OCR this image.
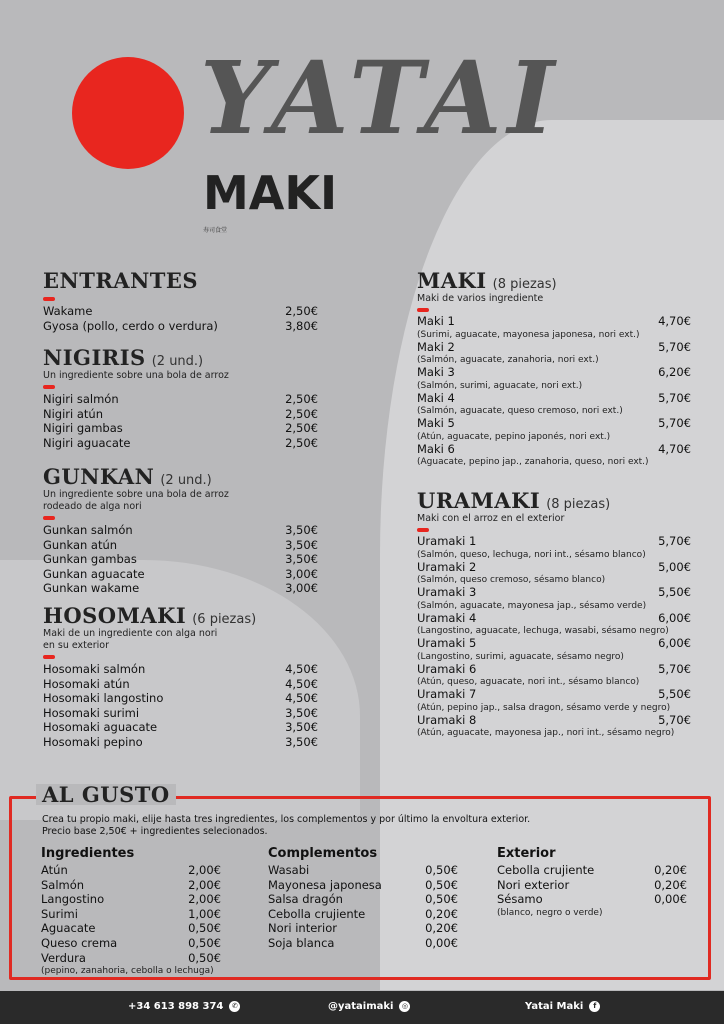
YATAI
MAKI
寿司食堂
ENTRANTES
Wakame	2,50€
Gyosa (pollo, cerdo o verdura)	3,80€
NIGIRIS (2 und.)
Un ingrediente sobre una bola de arroz
Nigiri salmón	2,50€
Nigiri atún	2,50€
Nigiri gambas	2,50€
Nigiri aguacate	2,50€
GUNKAN (2 und.)
Un ingrediente sobre una bola de arroz
rodeado de alga nori
Gunkan salmón	3,50€
Gunkan atún	3,50€
Gunkan gambas	3,50€
Gunkan aguacate	3,00€
Gunkan wakame	3,00€
HOSOMAKI (6 piezas)
Maki de un ingrediente con alga nori
en su exterior
Hosomaki salmón	4,50€
Hosomaki atún	4,50€
Hosomaki langostino	4,50€
Hosomaki surimi	3,50€
Hosomaki aguacate	3,50€
Hosomaki pepino	3,50€
MAKI (8 piezas)
Maki de varios ingrediente
Maki 1	4,70€
(Surimi, aguacate, mayonesa japonesa, nori ext.)
Maki 2	5,70€
(Salmón, aguacate, zanahoria, nori ext.)
Maki 3	6,20€
(Salmón, surimi, aguacate, nori ext.)
Maki 4	5,70€
(Salmón, aguacate, queso cremoso, nori ext.)
Maki 5	5,70€
(Atún, aguacate, pepino japonés, nori ext.)
Maki 6	4,70€
(Aguacate, pepino jap., zanahoria, queso, nori ext.)
URAMAKI (8 piezas)
Maki con el arroz en el exterior
Uramaki 1	5,70€
(Salmón, queso, lechuga, nori int., sésamo blanco)
Uramaki 2	5,00€
(Salmón, queso cremoso, sésamo blanco)
Uramaki 3	5,50€
(Salmón, aguacate, mayonesa jap., sésamo verde)
Uramaki 4	6,00€
(Langostino, aguacate, lechuga, wasabi, sésamo negro)
Uramaki 5	6,00€
(Langostino, surimi, aguacate, sésamo negro)
Uramaki 6	5,70€
(Atún, queso, aguacate, nori int., sésamo blanco)
Uramaki 7	5,50€
(Atún, pepino jap., salsa dragon, sésamo verde y negro)
Uramaki 8	5,70€
(Atún, aguacate, mayonesa jap., nori int., sésamo negro)
AL GUSTO
Crea tu propio maki, elije hasta tres ingredientes, los complementos y por último la envoltura exterior.
Precio base 2,50€ + ingredientes selecionados.
Ingredientes
Atún	2,00€
Salmón	2,00€
Langostino	2,00€
Surimi	1,00€
Aguacate	0,50€
Queso crema	0,50€
Verdura	0,50€
(pepino, zanahoria, cebolla o lechuga)
Complementos
Wasabi	0,50€
Mayonesa japonesa	0,50€
Salsa dragón	0,50€
Cebolla crujiente	0,20€
Nori interior	0,20€
Soja blanca	0,00€
Exterior
Cebolla crujiente	0,20€
Nori exterior	0,20€
Sésamo	0,00€
(blanco, negro o verde)
+34 613 898 374	✆	@yataimaki	◎	Yatai Maki	f
